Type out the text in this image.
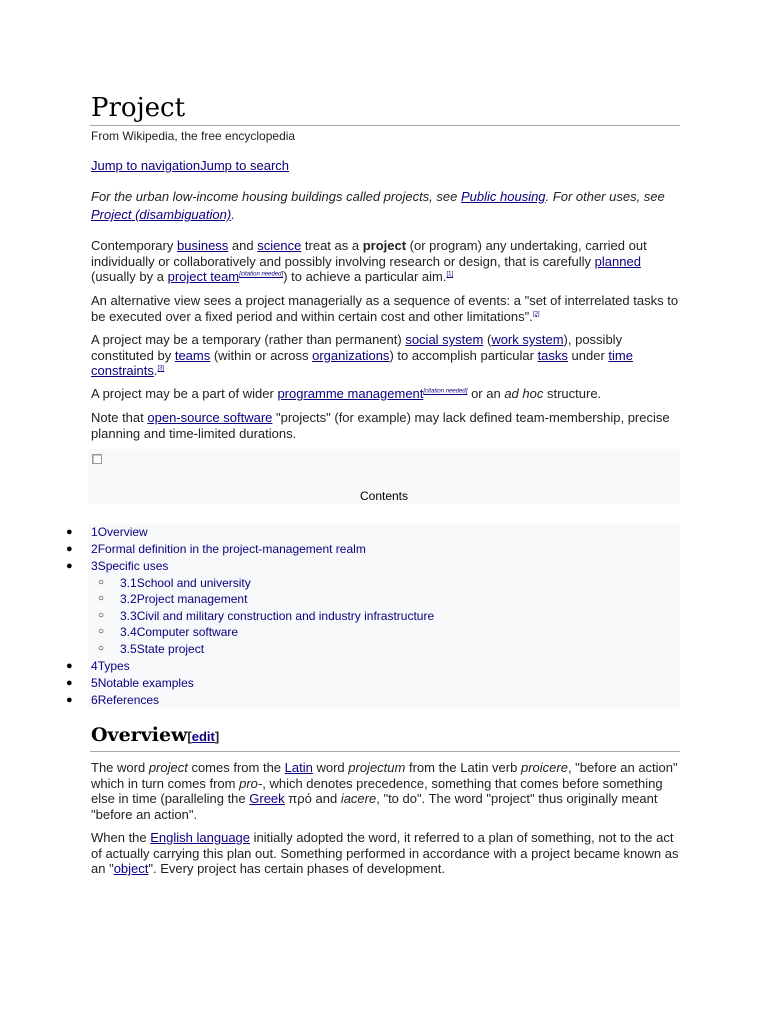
Project
From Wikipedia, the free encyclopedia
Jump to navigationJump to search

For the urban low-income housing buildings called projects, see Public housing. For other uses, see Project (disambiguation).

Contemporary business and science treat as a project (or program) any undertaking, carried out individually or collaboratively and possibly involving research or design, that is carefully planned (usually by a project team[citation needed]) to achieve a particular aim.[1]

An alternative view sees a project managerially as a sequence of events: a "set of interrelated tasks to be executed over a fixed period and within certain cost and other limitations".[2]

A project may be a temporary (rather than permanent) social system (work system), possibly constituted by teams (within or across organizations) to accomplish particular tasks under time constraints.[3]

A project may be a part of wider programme management[citation needed] or an ad hoc structure.

Note that open-source software "projects" (for example) may lack defined team-membership, precise planning and time-limited durations.

Contents
● 1Overview
● 2Formal definition in the project-management realm
● 3Specific uses
○ 3.1School and university
○ 3.2Project management
○ 3.3Civil and military construction and industry infrastructure
○ 3.4Computer software
○ 3.5State project
● 4Types
● 5Notable examples
● 6References
Overview[edit]

The word project comes from the Latin word projectum from the Latin verb proicere, "before an action" which in turn comes from pro-, which denotes precedence, something that comes before something else in time (paralleling the Greek πρό and iacere, "to do". The word "project" thus originally meant "before an action".

When the English language initially adopted the word, it referred to a plan of something, not to the act of actually carrying this plan out. Something performed in accordance with a project became known as an "object". Every project has certain phases of development.
